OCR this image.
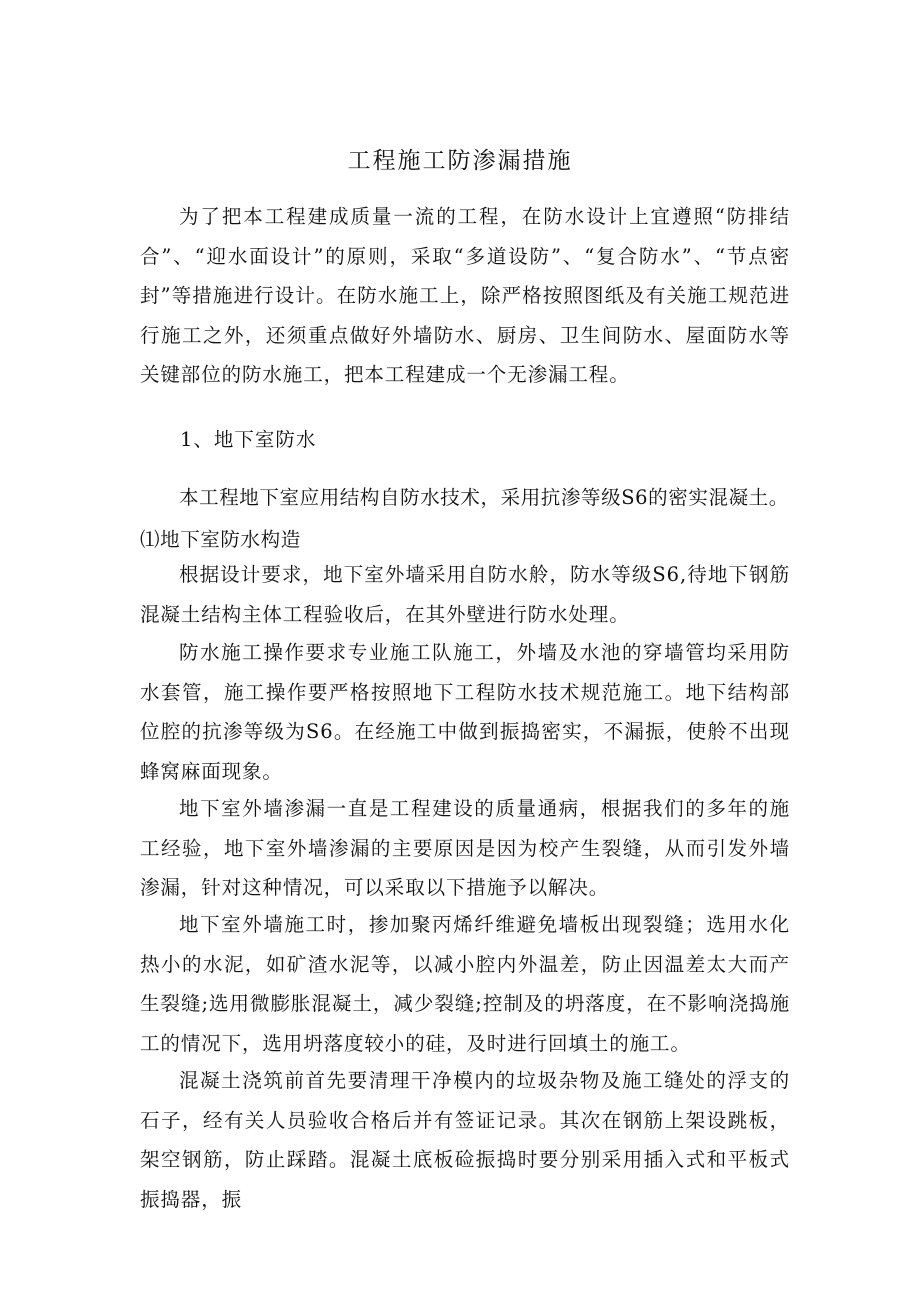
工程施工防渗漏措施

为了把本工程建成质量一流的工程，在防水设计上宜遵照“防排结合”、“迎水面设计”的原则，采取“多道设防”、“复合防水”、“节点密封”等措施进行设计。在防水施工上，除严格按照图纸及有关施工规范进行施工之外，还须重点做好外墙防水、厨房、卫生间防水、屋面防水等关键部位的防水施工，把本工程建成一个无渗漏工程。

1、地下室防水

本工程地下室应用结构自防水技术，采用抗渗等级S6的密实混凝土。

⑴地下室防水构造

根据设计要求，地下室外墙采用自防水舲，防水等级S6,待地下钢筋混凝土结构主体工程验收后，在其外壁进行防水处理。

防水施工操作要求专业施工队施工，外墙及水池的穿墙管均采用防水套管，施工操作要严格按照地下工程防水技术规范施工。地下结构部位腔的抗渗等级为S6。在经施工中做到振捣密实，不漏振，使舲不出现蜂窝麻面现象。

地下室外墙渗漏一直是工程建设的质量通病，根据我们的多年的施工经验，地下室外墙渗漏的主要原因是因为校产生裂缝，从而引发外墙渗漏，针对这种情况，可以采取以下措施予以解决。

地下室外墙施工时，掺加聚丙烯纤维避免墙板出现裂缝；选用水化热小的水泥，如矿渣水泥等，以减小腔内外温差，防止因温差太大而产生裂缝;选用微膨胀混凝土，减少裂缝;控制及的坍落度，在不影响浇捣施工的情况下，选用坍落度较小的硅，及时进行回填土的施工。

混凝土浇筑前首先要清理干净模内的垃圾杂物及施工缝处的浮支的石子，经有关人员验收合格后并有签证记录。其次在钢筋上架设跳板，架空钢筋，防止踩踏。混凝土底板硷振捣时要分别采用插入式和平板式振捣器，振
